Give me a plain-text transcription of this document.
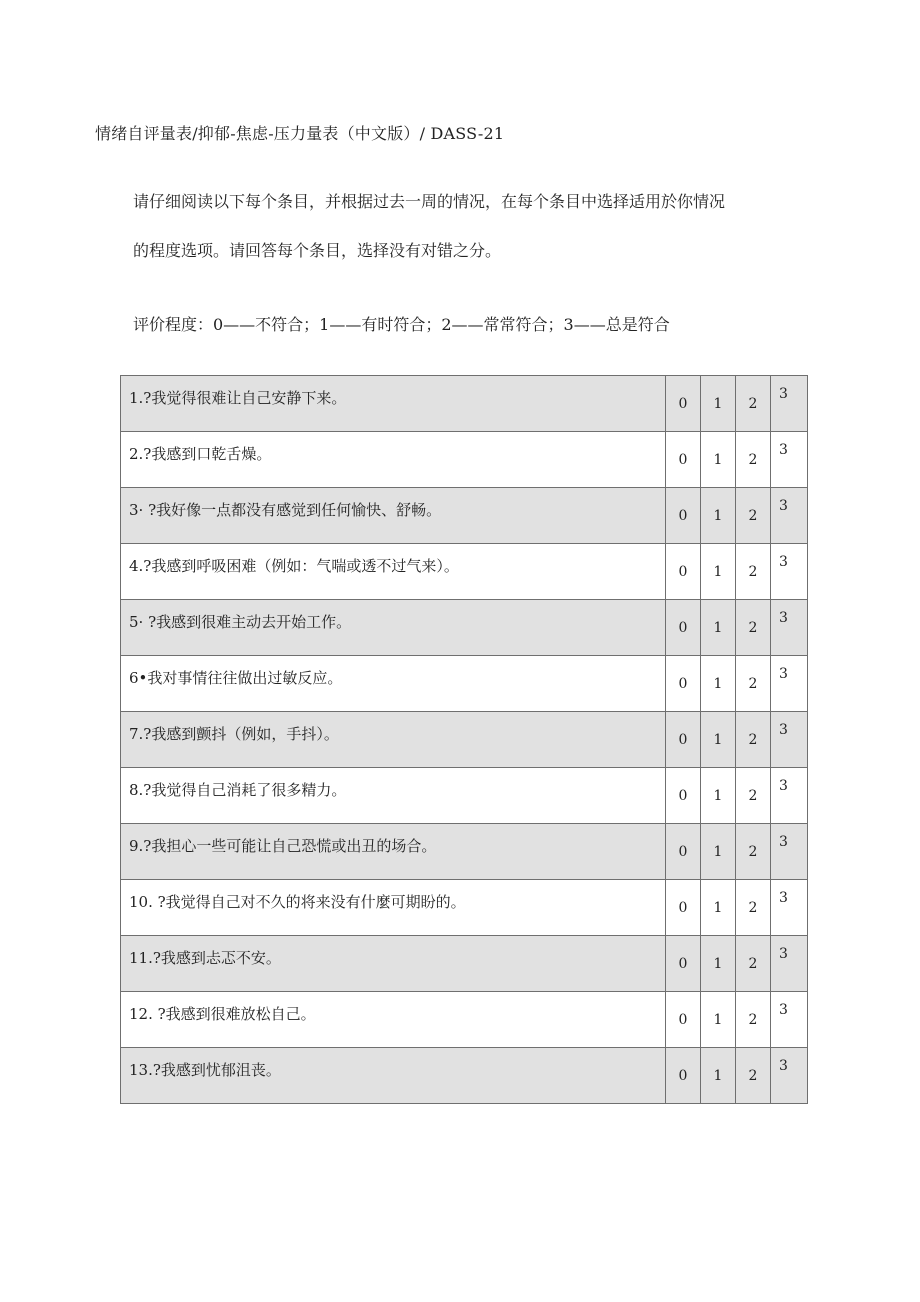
情绪自评量表/抑郁-焦虑-压力量表（中文版）/ DASS-21
请仔细阅读以下每个条目，并根据过去一周的情况，在每个条目中选择适用於你情况
的程度选项。请回答每个条目，选择没有对错之分。
评价程度：0——不符合；1——有时符合；2——常常符合；3——总是符合
1.?我觉得很难让自己安静下来。	0	1	2	3
2.?我感到口乾舌燥。	0	1	2	3
3· ?我好像一点都没有感觉到任何愉快、舒畅。	0	1	2	3
4.?我感到呼吸困难（例如：气喘或透不过气来）。	0	1	2	3
5· ?我感到很难主动去开始工作。	0	1	2	3
6•我对事情往往做出过敏反应。	0	1	2	3
7.?我感到颤抖（例如，手抖）。	0	1	2	3
8.?我觉得自己消耗了很多精力。	0	1	2	3
9.?我担心一些可能让自己恐慌或出丑的场合。	0	1	2	3
10. ?我觉得自己对不久的将来没有什麼可期盼的。	0	1	2	3
11.?我感到忐忑不安。	0	1	2	3
12. ?我感到很难放松自己。	0	1	2	3
13.?我感到忧郁沮丧。	0	1	2	3
